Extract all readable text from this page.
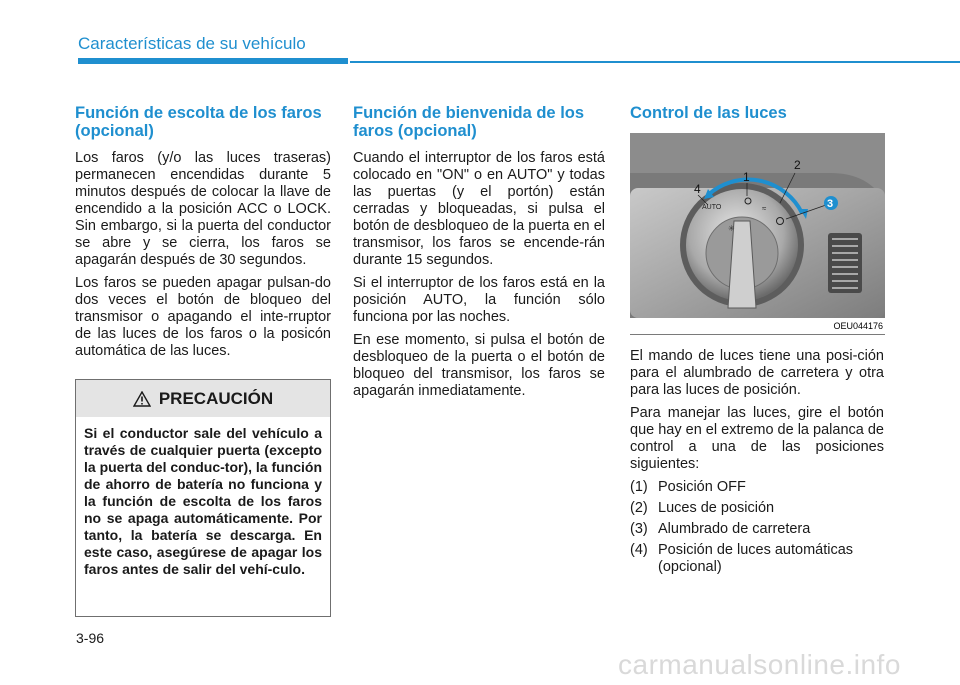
Características de su vehículo
Función de escolta de los faros (opcional)

Los faros (y/o las luces traseras) permanecen encendidas durante 5 minutos después de colocar la llave de encendido a la posición ACC o LOCK. Sin embargo, si la puerta del conductor se abre y se cierra, los faros se apagarán después de 30 segundos.

Los faros se pueden apagar pulsan-do dos veces el botón de bloqueo del transmisor o apagando el inte-rruptor de las luces de los faros o la posicón automática de las luces.

PRECAUCIÓN
Si el conductor sale del vehículo a través de cualquier puerta (excepto la puerta del conduc-tor), la función de ahorro de batería no funciona y la función de escolta de los faros no se apaga automáticamente. Por tanto, la batería se descarga. En este caso, asegúrese de apagar los faros antes de salir del vehí-culo.
Función de bienvenida de los faros (opcional)

Cuando el interruptor de los faros está colocado en "ON" o en AUTO" y todas las puertas (y el portón) están cerradas y bloqueadas, si pulsa el botón de desbloqueo de la puerta en el transmisor, los faros se encende-rán durante 15 segundos.

Si el interruptor de los faros está en la posición AUTO, la función sólo funciona por las noches.

En ese momento, si pulsa el botón de desbloqueo de la puerta o el botón de bloqueo del transmisor, los faros se apagarán inmediatamente.

Control de las luces
AUTO	≈
✳
1
2
3
4
OEU044176

El mando de luces tiene una posi-ción para el alumbrado de carretera y otra para las luces de posición.

Para manejar las luces, gire el botón que hay en el extremo de la palanca de control a una de las posiciones siguientes:

(1) Posición OFF
(2) Luces de posición
(3) Alumbrado de carretera
(4) Posición de luces automáticas (opcional)
3-96
carmanualsonline.info
